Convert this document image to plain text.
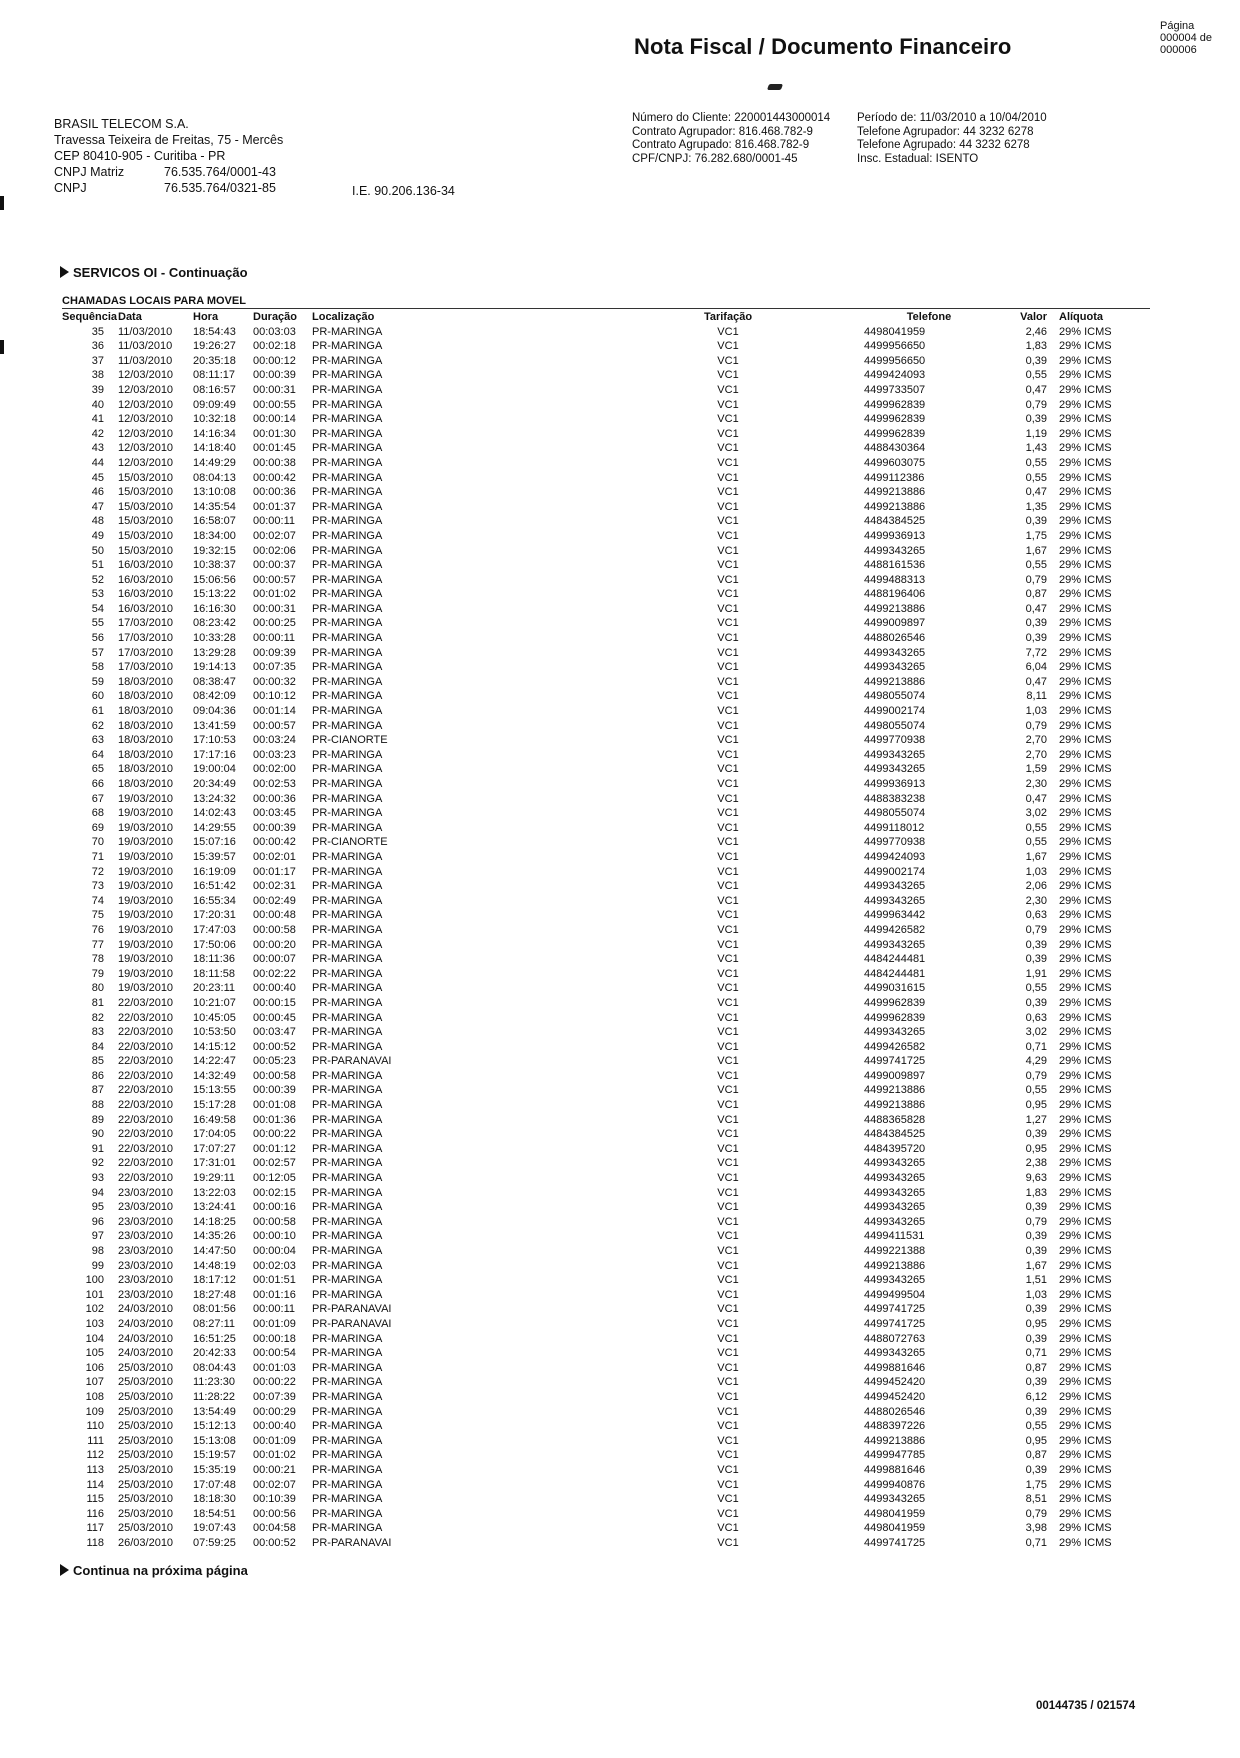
Nota Fiscal / Documento Financeiro
Página
000004 de
000006
BRASIL TELECOM S.A.
Travessa Teixeira de Freitas, 75 - Mercês
CEP 80410-905 - Curitiba - PR
CNPJ Matriz	76.535.764/0001-43
CNPJ	76.535.764/0321-85	I.E. 90.206.136-34
Número do Cliente: 220001443000014
Contrato Agrupador: 816.468.782-9
Contrato Agrupado: 816.468.782-9
CPF/CNPJ: 76.282.680/0001-45
Período de: 11/03/2010 a 10/04/2010
Telefone Agrupador: 44 3232 6278
Telefone Agrupado: 44 3232 6278
Insc. Estadual: ISENTO
SERVICOS OI - Continuação
CHAMADAS LOCAIS PARA MOVEL
Sequência	Data	Hora	Duração	Localização	Tarifação		Telefone	Valor	Alíquota
35	11/03/2010	18:54:43	00:03:03	PR-MARINGA	VC1		4498041959	2,46	29% ICMS
36	11/03/2010	19:26:27	00:02:18	PR-MARINGA	VC1		4499956650	1,83	29% ICMS
37	11/03/2010	20:35:18	00:00:12	PR-MARINGA	VC1		4499956650	0,39	29% ICMS
38	12/03/2010	08:11:17	00:00:39	PR-MARINGA	VC1		4499424093	0,55	29% ICMS
39	12/03/2010	08:16:57	00:00:31	PR-MARINGA	VC1		4499733507	0,47	29% ICMS
40	12/03/2010	09:09:49	00:00:55	PR-MARINGA	VC1		4499962839	0,79	29% ICMS
41	12/03/2010	10:32:18	00:00:14	PR-MARINGA	VC1		4499962839	0,39	29% ICMS
42	12/03/2010	14:16:34	00:01:30	PR-MARINGA	VC1		4499962839	1,19	29% ICMS
43	12/03/2010	14:18:40	00:01:45	PR-MARINGA	VC1		4488430364	1,43	29% ICMS
44	12/03/2010	14:49:29	00:00:38	PR-MARINGA	VC1		4499603075	0,55	29% ICMS
45	15/03/2010	08:04:13	00:00:42	PR-MARINGA	VC1		4499112386	0,55	29% ICMS
46	15/03/2010	13:10:08	00:00:36	PR-MARINGA	VC1		4499213886	0,47	29% ICMS
47	15/03/2010	14:35:54	00:01:37	PR-MARINGA	VC1		4499213886	1,35	29% ICMS
48	15/03/2010	16:58:07	00:00:11	PR-MARINGA	VC1		4484384525	0,39	29% ICMS
49	15/03/2010	18:34:00	00:02:07	PR-MARINGA	VC1		4499936913	1,75	29% ICMS
50	15/03/2010	19:32:15	00:02:06	PR-MARINGA	VC1		4499343265	1,67	29% ICMS
51	16/03/2010	10:38:37	00:00:37	PR-MARINGA	VC1		4488161536	0,55	29% ICMS
52	16/03/2010	15:06:56	00:00:57	PR-MARINGA	VC1		4499488313	0,79	29% ICMS
53	16/03/2010	15:13:22	00:01:02	PR-MARINGA	VC1		4488196406	0,87	29% ICMS
54	16/03/2010	16:16:30	00:00:31	PR-MARINGA	VC1		4499213886	0,47	29% ICMS
55	17/03/2010	08:23:42	00:00:25	PR-MARINGA	VC1		4499009897	0,39	29% ICMS
56	17/03/2010	10:33:28	00:00:11	PR-MARINGA	VC1		4488026546	0,39	29% ICMS
57	17/03/2010	13:29:28	00:09:39	PR-MARINGA	VC1		4499343265	7,72	29% ICMS
58	17/03/2010	19:14:13	00:07:35	PR-MARINGA	VC1		4499343265	6,04	29% ICMS
59	18/03/2010	08:38:47	00:00:32	PR-MARINGA	VC1		4499213886	0,47	29% ICMS
60	18/03/2010	08:42:09	00:10:12	PR-MARINGA	VC1		4498055074	8,11	29% ICMS
61	18/03/2010	09:04:36	00:01:14	PR-MARINGA	VC1		4499002174	1,03	29% ICMS
62	18/03/2010	13:41:59	00:00:57	PR-MARINGA	VC1		4498055074	0,79	29% ICMS
63	18/03/2010	17:10:53	00:03:24	PR-CIANORTE	VC1		4499770938	2,70	29% ICMS
64	18/03/2010	17:17:16	00:03:23	PR-MARINGA	VC1		4499343265	2,70	29% ICMS
65	18/03/2010	19:00:04	00:02:00	PR-MARINGA	VC1		4499343265	1,59	29% ICMS
66	18/03/2010	20:34:49	00:02:53	PR-MARINGA	VC1		4499936913	2,30	29% ICMS
67	19/03/2010	13:24:32	00:00:36	PR-MARINGA	VC1		4488383238	0,47	29% ICMS
68	19/03/2010	14:02:43	00:03:45	PR-MARINGA	VC1		4498055074	3,02	29% ICMS
69	19/03/2010	14:29:55	00:00:39	PR-MARINGA	VC1		4499118012	0,55	29% ICMS
70	19/03/2010	15:07:16	00:00:42	PR-CIANORTE	VC1		4499770938	0,55	29% ICMS
71	19/03/2010	15:39:57	00:02:01	PR-MARINGA	VC1		4499424093	1,67	29% ICMS
72	19/03/2010	16:19:09	00:01:17	PR-MARINGA	VC1		4499002174	1,03	29% ICMS
73	19/03/2010	16:51:42	00:02:31	PR-MARINGA	VC1		4499343265	2,06	29% ICMS
74	19/03/2010	16:55:34	00:02:49	PR-MARINGA	VC1		4499343265	2,30	29% ICMS
75	19/03/2010	17:20:31	00:00:48	PR-MARINGA	VC1		4499963442	0,63	29% ICMS
76	19/03/2010	17:47:03	00:00:58	PR-MARINGA	VC1		4499426582	0,79	29% ICMS
77	19/03/2010	17:50:06	00:00:20	PR-MARINGA	VC1		4499343265	0,39	29% ICMS
78	19/03/2010	18:11:36	00:00:07	PR-MARINGA	VC1		4484244481	0,39	29% ICMS
79	19/03/2010	18:11:58	00:02:22	PR-MARINGA	VC1		4484244481	1,91	29% ICMS
80	19/03/2010	20:23:11	00:00:40	PR-MARINGA	VC1		4499031615	0,55	29% ICMS
81	22/03/2010	10:21:07	00:00:15	PR-MARINGA	VC1		4499962839	0,39	29% ICMS
82	22/03/2010	10:45:05	00:00:45	PR-MARINGA	VC1		4499962839	0,63	29% ICMS
83	22/03/2010	10:53:50	00:03:47	PR-MARINGA	VC1		4499343265	3,02	29% ICMS
84	22/03/2010	14:15:12	00:00:52	PR-MARINGA	VC1		4499426582	0,71	29% ICMS
85	22/03/2010	14:22:47	00:05:23	PR-PARANAVAI	VC1		4499741725	4,29	29% ICMS
86	22/03/2010	14:32:49	00:00:58	PR-MARINGA	VC1		4499009897	0,79	29% ICMS
87	22/03/2010	15:13:55	00:00:39	PR-MARINGA	VC1		4499213886	0,55	29% ICMS
88	22/03/2010	15:17:28	00:01:08	PR-MARINGA	VC1		4499213886	0,95	29% ICMS
89	22/03/2010	16:49:58	00:01:36	PR-MARINGA	VC1		4488365828	1,27	29% ICMS
90	22/03/2010	17:04:05	00:00:22	PR-MARINGA	VC1		4484384525	0,39	29% ICMS
91	22/03/2010	17:07:27	00:01:12	PR-MARINGA	VC1		4484395720	0,95	29% ICMS
92	22/03/2010	17:31:01	00:02:57	PR-MARINGA	VC1		4499343265	2,38	29% ICMS
93	22/03/2010	19:29:11	00:12:05	PR-MARINGA	VC1		4499343265	9,63	29% ICMS
94	23/03/2010	13:22:03	00:02:15	PR-MARINGA	VC1		4499343265	1,83	29% ICMS
95	23/03/2010	13:24:41	00:00:16	PR-MARINGA	VC1		4499343265	0,39	29% ICMS
96	23/03/2010	14:18:25	00:00:58	PR-MARINGA	VC1		4499343265	0,79	29% ICMS
97	23/03/2010	14:35:26	00:00:10	PR-MARINGA	VC1		4499411531	0,39	29% ICMS
98	23/03/2010	14:47:50	00:00:04	PR-MARINGA	VC1		4499221388	0,39	29% ICMS
99	23/03/2010	14:48:19	00:02:03	PR-MARINGA	VC1		4499213886	1,67	29% ICMS
100	23/03/2010	18:17:12	00:01:51	PR-MARINGA	VC1		4499343265	1,51	29% ICMS
101	23/03/2010	18:27:48	00:01:16	PR-MARINGA	VC1		4499499504	1,03	29% ICMS
102	24/03/2010	08:01:56	00:00:11	PR-PARANAVAI	VC1		4499741725	0,39	29% ICMS
103	24/03/2010	08:27:11	00:01:09	PR-PARANAVAI	VC1		4499741725	0,95	29% ICMS
104	24/03/2010	16:51:25	00:00:18	PR-MARINGA	VC1		4488072763	0,39	29% ICMS
105	24/03/2010	20:42:33	00:00:54	PR-MARINGA	VC1		4499343265	0,71	29% ICMS
106	25/03/2010	08:04:43	00:01:03	PR-MARINGA	VC1		4499881646	0,87	29% ICMS
107	25/03/2010	11:23:30	00:00:22	PR-MARINGA	VC1		4499452420	0,39	29% ICMS
108	25/03/2010	11:28:22	00:07:39	PR-MARINGA	VC1		4499452420	6,12	29% ICMS
109	25/03/2010	13:54:49	00:00:29	PR-MARINGA	VC1		4488026546	0,39	29% ICMS
110	25/03/2010	15:12:13	00:00:40	PR-MARINGA	VC1		4488397226	0,55	29% ICMS
111	25/03/2010	15:13:08	00:01:09	PR-MARINGA	VC1		4499213886	0,95	29% ICMS
112	25/03/2010	15:19:57	00:01:02	PR-MARINGA	VC1		4499947785	0,87	29% ICMS
113	25/03/2010	15:35:19	00:00:21	PR-MARINGA	VC1		4499881646	0,39	29% ICMS
114	25/03/2010	17:07:48	00:02:07	PR-MARINGA	VC1		4499940876	1,75	29% ICMS
115	25/03/2010	18:18:30	00:10:39	PR-MARINGA	VC1		4499343265	8,51	29% ICMS
116	25/03/2010	18:54:51	00:00:56	PR-MARINGA	VC1		4498041959	0,79	29% ICMS
117	25/03/2010	19:07:43	00:04:58	PR-MARINGA	VC1		4498041959	3,98	29% ICMS
118	26/03/2010	07:59:25	00:00:52	PR-PARANAVAI	VC1		4499741725	0,71	29% ICMS
Continua na próxima página
00144735 / 021574
